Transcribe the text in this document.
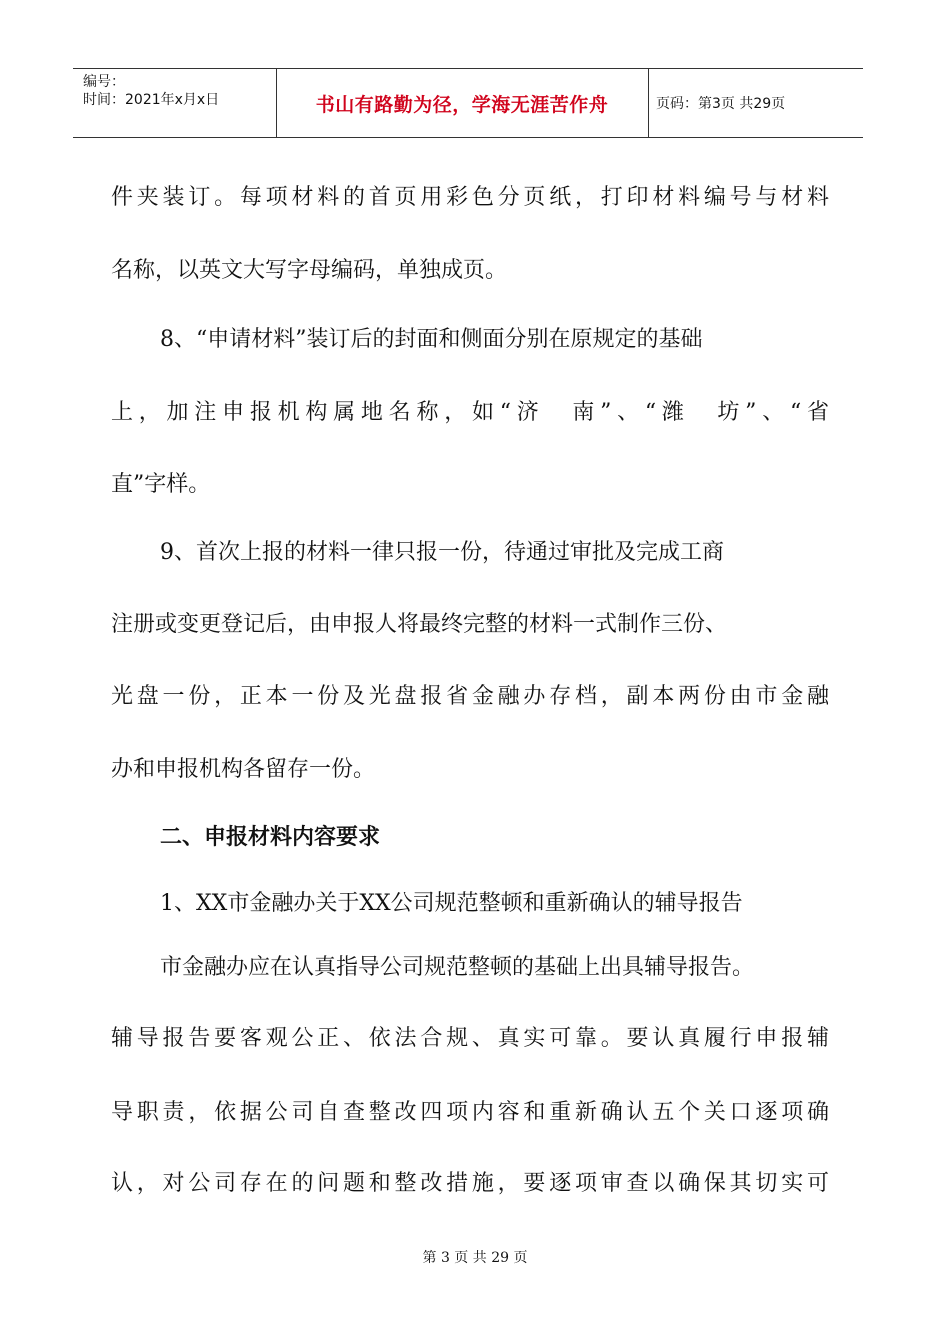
编号：
时间：2021年x月x日	书山有路勤为径，学海无涯苦作舟	页码：第3页 共29页
件夹装订。每项材料的首页用彩色分页纸，打印材料编号与材料
名称，以英文大写字母编码，单独成页。
8、“申请材料”装订后的封面和侧面分别在原规定的基础
上，加注申报机构属地名称，如“济　南”、“潍　坊”、“省
直”字样。
9、首次上报的材料一律只报一份，待通过审批及完成工商
注册或变更登记后，由申报人将最终完整的材料一式制作三份、
光盘一份，正本一份及光盘报省金融办存档，副本两份由市金融
办和申报机构各留存一份。
二、申报材料内容要求
1、XX市金融办关于XX公司规范整顿和重新确认的辅导报告
市金融办应在认真指导公司规范整顿的基础上出具辅导报告。
辅导报告要客观公正、依法合规、真实可靠。要认真履行申报辅
导职责，依据公司自查整改四项内容和重新确认五个关口逐项确
认，对公司存在的问题和整改措施，要逐项审查以确保其切实可
第 3 页 共 29 页
